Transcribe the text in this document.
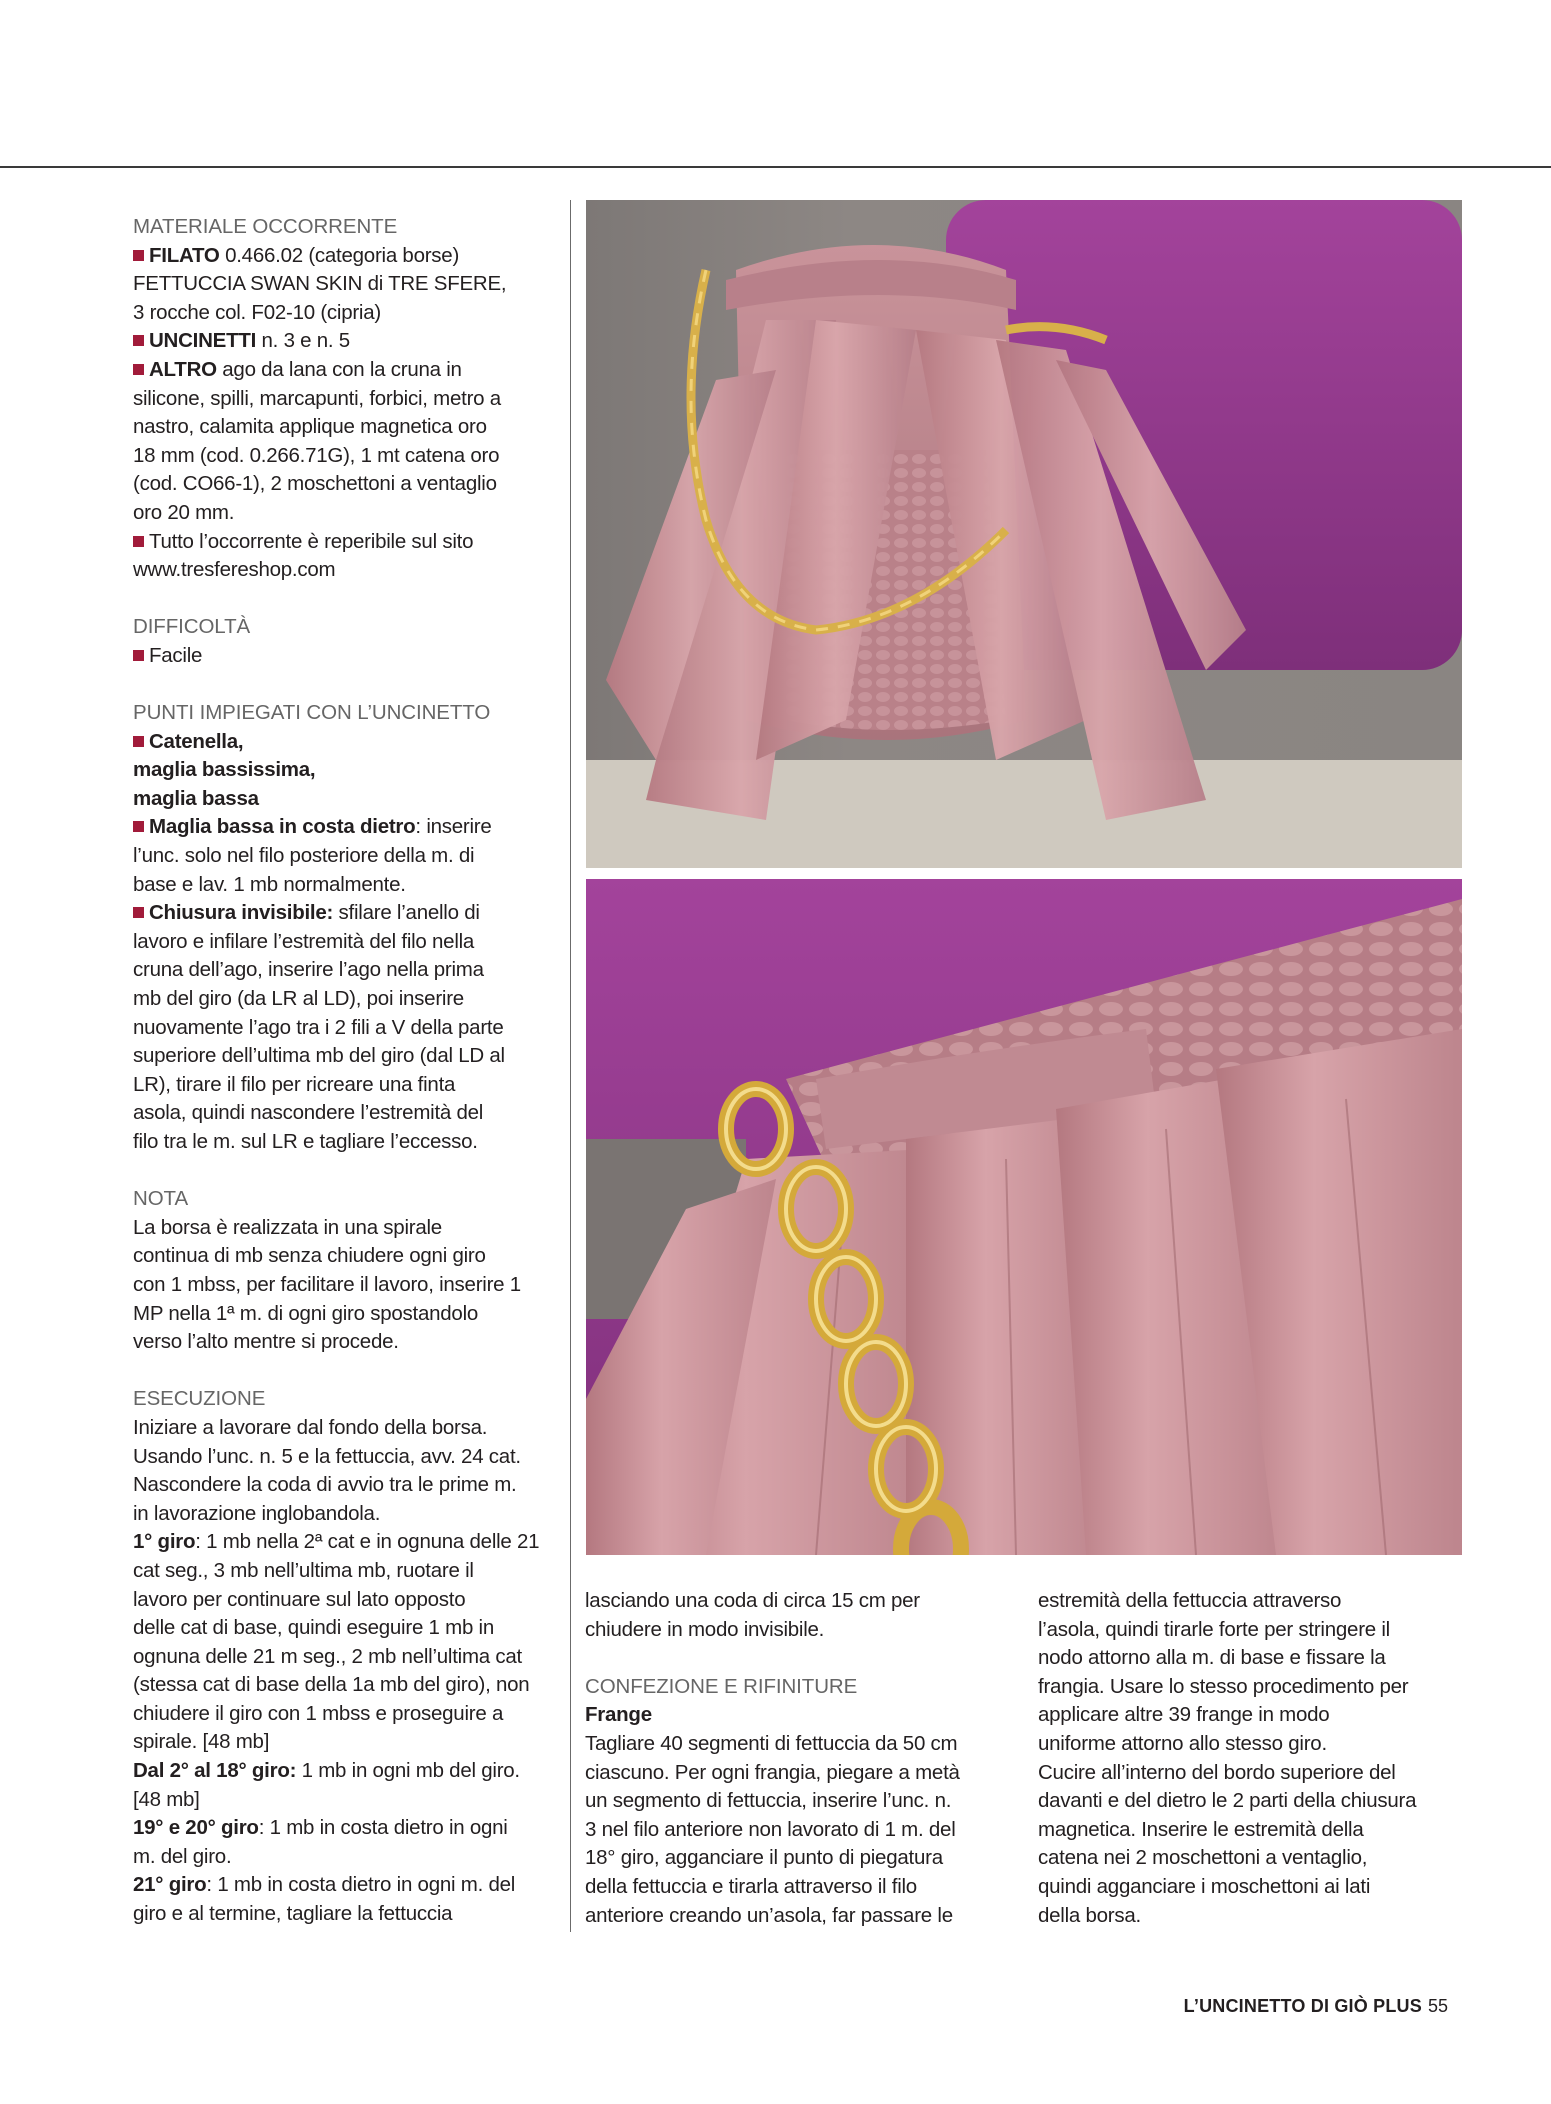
MATERIALE OCCORRENTE

FILATO 0.466.02 (categoria borse)

FETTUCCIA SWAN SKIN di TRE SFERE,

3 rocche col. F02-10 (cipria)

UNCINETTI n. 3 e n. 5

ALTRO ago da lana con la cruna in

silicone, spilli, marcapunti, forbici, metro a

nastro, calamita applique magnetica oro

18 mm (cod. 0.266.71G), 1 mt catena oro

(cod. CO66-1), 2 moschettoni a ventaglio

oro 20 mm.

Tutto l’occorrente è reperibile sul sito

www.tresfereshop.com

DIFFICOLTÀ

Facile

PUNTI IMPIEGATI CON L’UNCINETTO

Catenella,

maglia bassissima,

maglia bassa

Maglia bassa in costa dietro: inserire

l’unc. solo nel filo posteriore della m. di

base e lav. 1 mb normalmente.

Chiusura invisibile: sfilare l’anello di

lavoro e infilare l’estremità del filo nella

cruna dell’ago, inserire l’ago nella prima

mb del giro (da LR al LD), poi inserire

nuovamente l’ago tra i 2 fili a V della parte

superiore dell’ultima mb del giro (dal LD al

LR), tirare il filo per ricreare una finta

asola, quindi nascondere l’estremità del

filo tra le m. sul LR e tagliare l’eccesso.

NOTA

La borsa è realizzata in una spirale

continua di mb senza chiudere ogni giro

con 1 mbss, per facilitare il lavoro, inserire 1

MP nella 1ª m. di ogni giro spostandolo

verso l’alto mentre si procede.

ESECUZIONE

Iniziare a lavorare dal fondo della borsa.

Usando l’unc. n. 5 e la fettuccia, avv. 24 cat.

Nascondere la coda di avvio tra le prime m.

in lavorazione inglobandola.

1° giro: 1 mb nella 2ª cat e in ognuna delle 21

cat seg., 3 mb nell’ultima mb, ruotare il

lavoro per continuare sul lato opposto

delle cat di base, quindi eseguire 1 mb in

ognuna delle 21 m seg., 2 mb nell’ultima cat

(stessa cat di base della 1a mb del giro), non

chiudere il giro con 1 mbss e proseguire a

spirale. [48 mb]

Dal 2° al 18° giro: 1 mb in ogni mb del giro.

[48 mb]

19° e 20° giro: 1 mb in costa dietro in ogni

m. del giro.

21° giro: 1 mb in costa dietro in ogni m. del

giro e al termine, tagliare la fettuccia

lasciando una coda di circa 15 cm per

chiudere in modo invisibile.

CONFEZIONE E RIFINITURE

Frange

Tagliare 40 segmenti di fettuccia da 50 cm

ciascuno. Per ogni frangia, piegare a metà

un segmento di fettuccia, inserire l’unc. n.

3 nel filo anteriore non lavorato di 1 m. del

18° giro, agganciare il punto di piegatura

della fettuccia e tirarla attraverso il filo

anteriore creando un’asola, far passare le

estremità della fettuccia attraverso

l’asola, quindi tirarle forte per stringere il

nodo attorno alla m. di base e fissare la

frangia. Usare lo stesso procedimento per

applicare altre 39 frange in modo

uniforme attorno allo stesso giro.

Cucire all’interno del bordo superiore del

davanti e del dietro le 2 parti della chiusura

magnetica. Inserire le estremità della

catena nei 2 moschettoni a ventaglio,

quindi agganciare i moschettoni ai lati

della borsa.

L’UNCINETTO DI GIÒ PLUS 55
